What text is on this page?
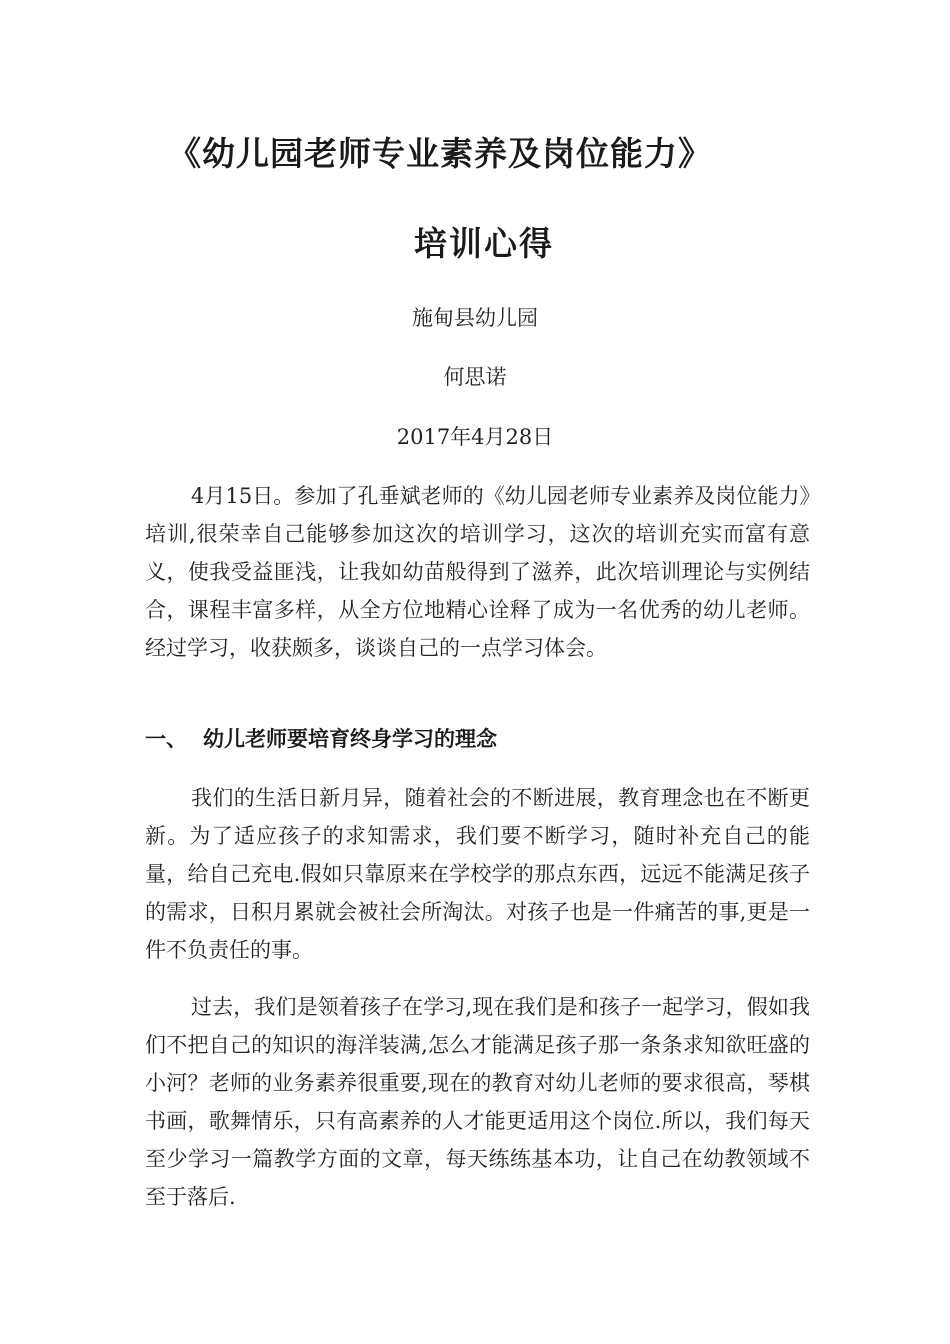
《幼儿园老师专业素养及岗位能力》
培训心得
施甸县幼儿园
何思诺
2017年4月28日

4月15日。参加了孔垂斌老师的《幼儿园老师专业素养及岗位能力》培训,很荣幸自己能够参加这次的培训学习，这次的培训充实而富有意义，使我受益匪浅，让我如幼苗般得到了滋养，此次培训理论与实例结合，课程丰富多样，从全方位地精心诠释了成为一名优秀的幼儿老师。经过学习，收获颇多，谈谈自己的一点学习体会。

一、 幼儿老师要培育终身学习的理念

我们的生活日新月异，随着社会的不断进展，教育理念也在不断更新。为了适应孩子的求知需求，我们要不断学习，随时补充自己的能量，给自己充电.假如只靠原来在学校学的那点东西，远远不能满足孩子的需求，日积月累就会被社会所淘汰。对孩子也是一件痛苦的事,更是一件不负责任的事。

过去，我们是领着孩子在学习,现在我们是和孩子一起学习，假如我们不把自己的知识的海洋装满,怎么才能满足孩子那一条条求知欲旺盛的小河？老师的业务素养很重要,现在的教育对幼儿老师的要求很高，琴棋书画，歌舞情乐，只有高素养的人才能更适用这个岗位.所以，我们每天至少学习一篇教学方面的文章，每天练练基本功，让自己在幼教领域不至于落后.
